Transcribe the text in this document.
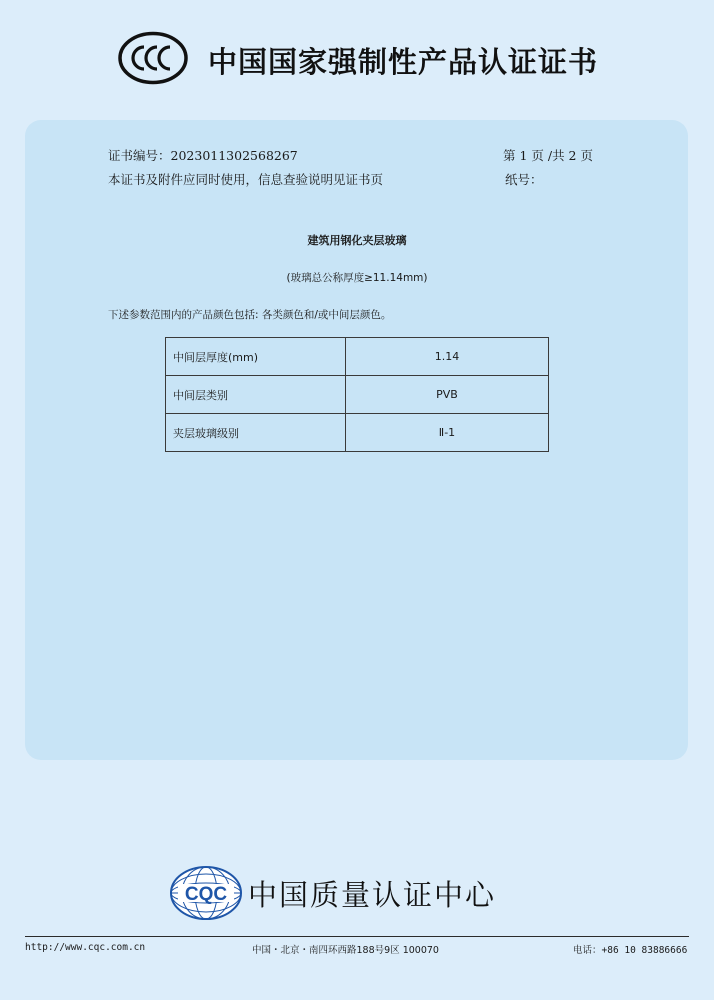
中国国家强制性产品认证证书
证书编号：2023011302568267	第 1 页 /共 2 页
本证书及附件应同时使用，信息查验说明见证书页	纸号：
建筑用钢化夹层玻璃
(玻璃总公称厚度≥11.14mm)
下述参数范围内的产品颜色包括: 各类颜色和/或中间层颜色。
中间层厚度(mm)	1.14
中间层类别	PVB
夹层玻璃级别	Ⅱ-1
CQC 中国质量认证中心
http://www.cqc.com.cn	中国・北京・南四环西路188号9区 100070	电话：+86 10 83886666
